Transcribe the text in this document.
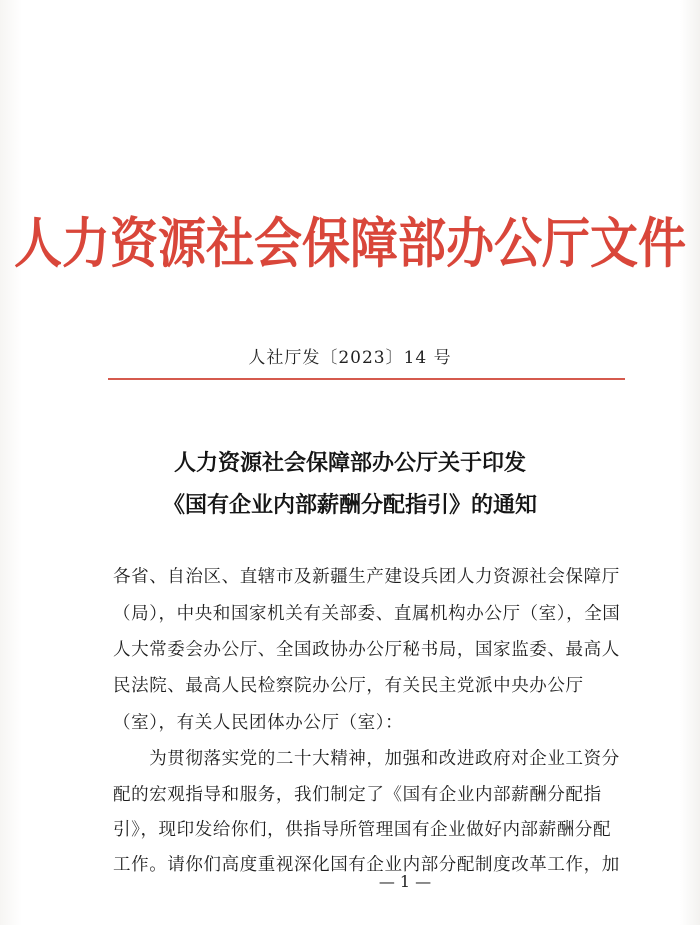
人力资源社会保障部办公厅文件
人社厅发〔2023〕14 号
人力资源社会保障部办公厅关于印发
《国有企业内部薪酬分配指引》的通知
各省、自治区、直辖市及新疆生产建设兵团人力资源社会保障厅
（局），中央和国家机关有关部委、直属机构办公厅（室），全国
人大常委会办公厅、全国政协办公厅秘书局，国家监委、最高人
民法院、最高人民检察院办公厅，有关民主党派中央办公厅
（室），有关人民团体办公厅（室）：
　　为贯彻落实党的二十大精神，加强和改进政府对企业工资分
配的宏观指导和服务，我们制定了《国有企业内部薪酬分配指
引》，现印发给你们，供指导所管理国有企业做好内部薪酬分配
工作。请你们高度重视深化国有企业内部分配制度改革工作，加
— 1 —
